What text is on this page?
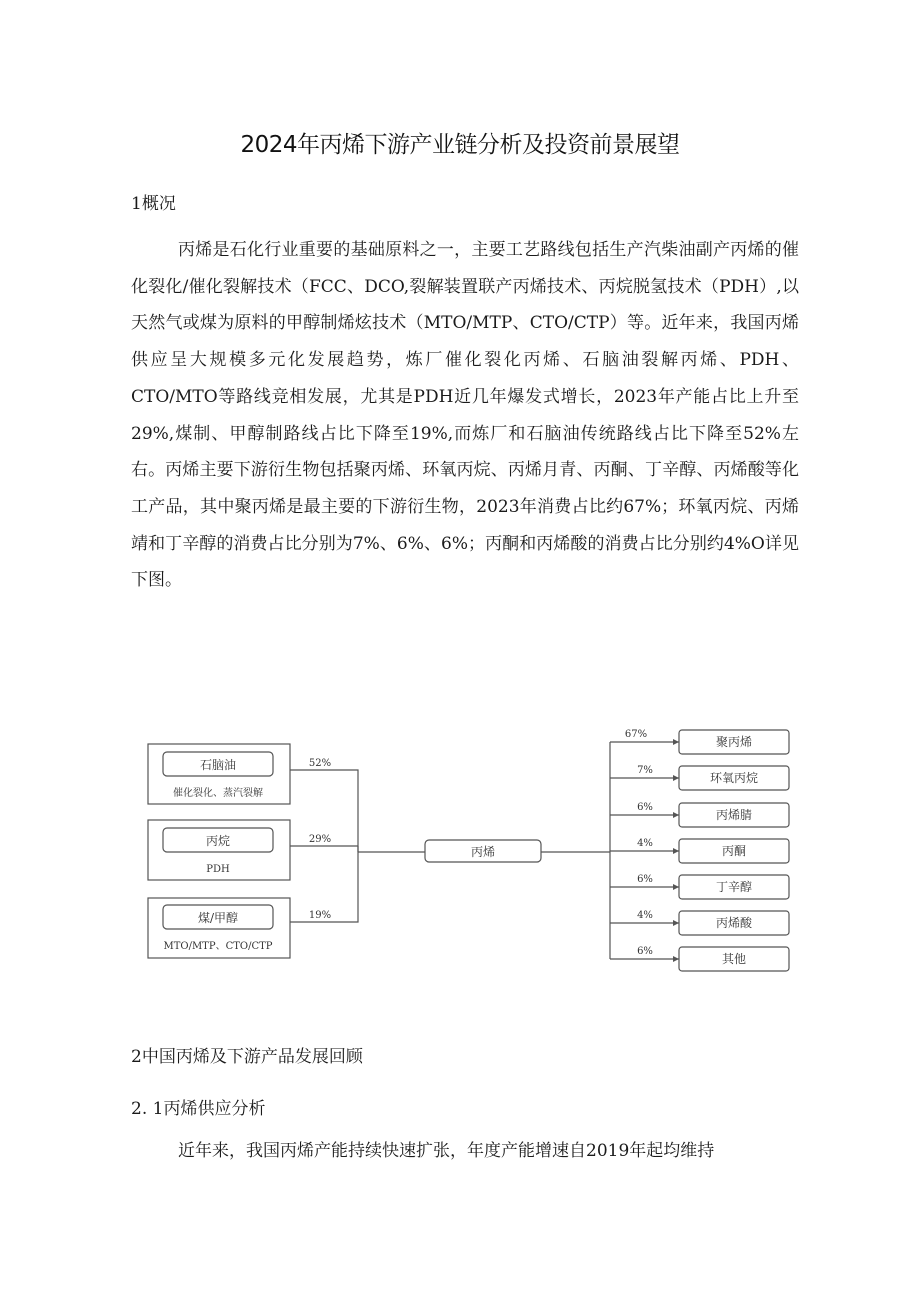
2024年丙烯下游产业链分析及投资前景展望
1概况
丙烯是石化行业重要的基础原料之一，主要工艺路线包括生产汽柴油副产丙烯的催化裂化/催化裂解技术（FCC、DCO,裂解装置联产丙烯技术、丙烷脱氢技术（PDH）,以天然气或煤为原料的甲醇制烯炫技术（MTO/MTP、CTO/CTP）等。近年来，我国丙烯供应呈大规模多元化发展趋势，炼厂催化裂化丙烯、石脑油裂解丙烯、PDH、CTO/MTO等路线竞相发展，尤其是PDH近几年爆发式增长，2023年产能占比上升至29%,煤制、甲醇制路线占比下降至19%,而炼厂和石脑油传统路线占比下降至52%左右。丙烯主要下游衍生物包括聚丙烯、环氧丙烷、丙烯月青、丙酮、丁辛醇、丙烯酸等化工产品，其中聚丙烯是最主要的下游衍生物，2023年消费占比约67%；环氧丙烷、丙烯靖和丁辛醇的消费占比分别为7%、6%、6%；丙酮和丙烯酸的消费占比分别约4%O详见下图。
石脑油
催化裂化、蒸汽裂解
52%
丙烷
PDH
29%
煤/甲醇
MTO/MTP、CTO/CTP
19%
丙烯
聚丙烯
67%
环氧丙烷
7%
丙烯腈
6%
丙酮
4%
丁辛醇
6%
丙烯酸
4%
其他
6%
2中国丙烯及下游产品发展回顾
2. 1丙烯供应分析
近年来，我国丙烯产能持续快速扩张，年度产能增速自2019年起均维持
